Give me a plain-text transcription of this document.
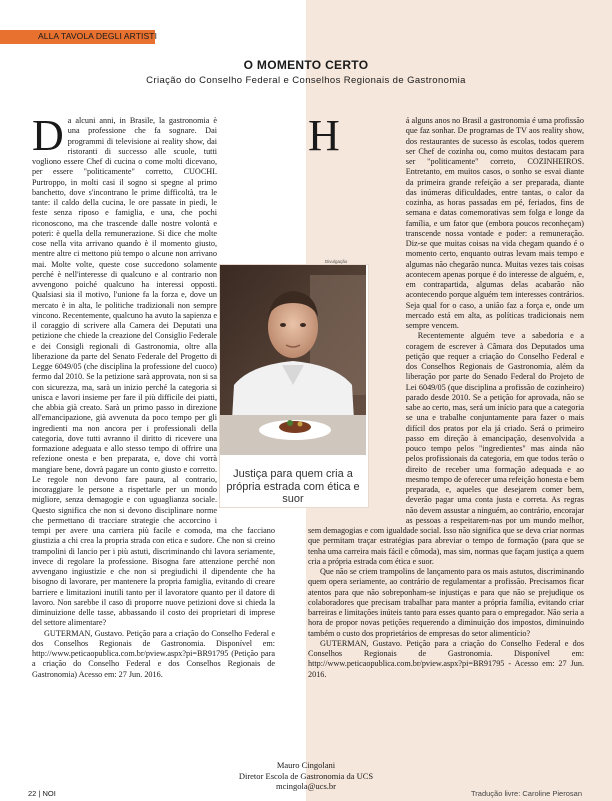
ALLA TAVOLA DEGLI ARTISTI
O MOMENTO CERTO
Criação do Conselho Federal e Conselhos Regionais de Gastronomia
D a alcuni anni, in Brasile, la gastronomia è una professione che fa sognare. Dai programmi di televisione ai reality show, dai ristoranti di successo alle scuole, tutti vogliono essere Chef di cucina o come molti dicevano, per essere "politicamente" corretto, CUOCHI. Purtroppo, in molti casi il sogno si spegne al primo banchetto, dove s'incontrano le prime difficoltà, tra le tante: il caldo della cucina, le ore passate in piedi, le feste senza riposo e famiglia, e una, che pochi riconoscono, ma che trascende dalle nostre volontà e poteri: è quella della remunerazione. Si dice che molte cose nella vita arrivano quando è il momento giusto, mentre altre ci mettono più tempo o alcune non arrivano mai. Molte volte, queste cose succedono solamente perché è nell'interesse di qualcuno e al contrario non avvengono poiché qualcuno ha interessi opposti. Qualsiasi sia il motivo, l'unione fa la forza e, dove un mercato è in alta, le politiche tradizionali non sempre vincono. Recentemente, qualcuno ha avuto la sapienza e il coraggio di scrivere alla Camera dei Deputati una petizione che chiede la creazione del Consiglio Federale e dei Consigli regionali di Gastronomia, oltre alla liberazione da parte del Senato Federale del Progetto di Legge 6049/05 (che disciplina la professione del cuoco) fermo dal 2010. Se la petizione sarà approvata, non si sa con sicurezza, ma, sarà un inizio perché la categoria si unisca e lavori insieme per fare il più difficile dei piatti, che abbia già creato. Sarà un primo passo in direzione all'emancipazione, già avvenuta da poco tempo per gli ingredienti ma non ancora per i professionali della categoria, dove tutti avranno il diritto di ricevere una formazione adeguata e allo stesso tempo di offrire una refezione onesta e ben preparata, e, dove chi vorrà mangiare bene, dovrà pagare un conto giusto e corretto. Le regole non devono fare paura, al contrario, incoraggiare le persone a rispettarle per un mondo migliore, senza demagogie e con uguaglianza sociale. Questo significa che non si devono disciplinare norme che permettano di tracciare strategie che accorcino i tempi per avere una carriera più facile e comoda, ma che facciano giustizia a chi crea la propria strada con etica e sudore. Che non si creino trampolini di lancio per i più astuti, discriminando chi lavora seriamente, invece di regolare la professione. Bisogna fare attenzione perché non avvengano ingiustizie e che non si pregiudichi il dipendente che ha bisogno di lavorare, per mantenere la propria famiglia, evitando di creare barriere e limitazioni inutili tanto per il lavoratore quanto per il datore di lavoro. Non sarebbe il caso di proporre nuove petizioni dove si chieda la diminuizione delle tasse, abbassando il costo dei proprietari di imprese del settore alimentare?

GUTERMAN, Gustavo. Petição para a criação do Conselho Federal e dos Conselhos Regionais de Gastronomia. Disponível em: http://www.peticaopublica.com.br/pview.aspx?pi=BR91795 (Petição para a criação do Conselho Federal e dos Conselhos Regionais de Gastronomia) Acesso em: 27 Jun. 2016.

H	á alguns anos no Brasil a gastronomia é uma profissão que faz sonhar. De programas de TV aos reality show, dos restaurantes de sucesso às escolas, todos querem ser Chef de cozinha ou, como muitos destacam para ser "politicamente" correto, COZINHEIROS. Entretanto, em muitos casos, o sonho se esvai diante da primeira grande refeição a ser preparada, diante das inúmeras dificuldades, entre tantas, o calor da cozinha, as horas passadas em pé, feriados, fins de semana e datas comemorativas sem folga e longe da família, e um fator que (embora poucos reconheçam) transcende nossa vontade e poder: a remuneração. Diz-se que muitas coisas na vida chegam quando é o momento certo, enquanto outras levam mais tempo e algumas não chegarão nunca. Muitas vezes tais coisas acontecem apenas porque é do interesse de alguém, e, em contrapartida, algumas delas acabarão não acontecendo porque alguém tem interesses contrários. Seja qual for o caso, a união faz a força e, onde um mercado está em alta, as políticas tradicionais nem sempre vencem.

Recentemente alguém teve a sabedoria e a coragem de escrever à Câmara dos Deputados uma petição que requer a criação do Conselho Federal e dos Conselhos Regionais de Gastronomia, além da liberação por parte do Senado Federal do Projeto de Lei 6049/05 (que disciplina a profissão de cozinheiro) parado desde 2010. Se a petição for aprovada, não se sabe ao certo, mas, será um início para que a categoria se una e trabalhe conjuntamente para fazer o mais difícil dos pratos por ela já criado. Será o primeiro passo em direção à emancipação, desenvolvida a pouco tempo pelos "ingredientes" mas ainda não pelos profissionais da categoria, em que todos terão o direito de receber uma formação adequada e ao mesmo tempo de oferecer uma refeição honesta e bem preparada, e, aqueles que desejarem comer bem, deverão pagar uma conta justa e correta. As regras não devem assustar a ninguém, ao contrário, encorajar as pessoas a respeitarem-nas por um mundo melhor, sem demagogias e com igualdade social. Isso não significa que se deva criar normas que permitam traçar estratégias para abreviar o tempo de formação (para que se tenha uma carreira mais fácil e cômoda), mas sim, normas que façam justiça a quem cria a própria estrada com ética e suor.

Que não se criem trampolins de lançamento para os mais astutos, discriminando quem opera seriamente, ao contrário de regulamentar a profissão. Precisamos ficar atentos para que não sobreponham-se injustiças e para que não se prejudique os colaboradores que precisam trabalhar para manter a própria família, evitando criar barreiras e limitações inúteis tanto para esses quanto para o empregador. Não seria a hora de propor novas petições requerendo a diminuição dos impostos, diminuindo também o custo dos proprietários de empresas do setor alimentício?

GUTERMAN, Gustavo. Petição para a criação do Conselho Federal e dos Conselhos Regionais de Gastronomia. Disponível em: http://www.peticaopublica.com.br/pview.aspx?pi=BR91795 - Acesso em: 27 Jun. 2016.

Divulgação
Justiça para quem cria a própria estrada com ética e suor
Mauro Cingolani
Diretor Escola de Gastronomia da UCS
mcingola@ucs.br
22 | NOI	Tradução livre: Caroline Pierosan
